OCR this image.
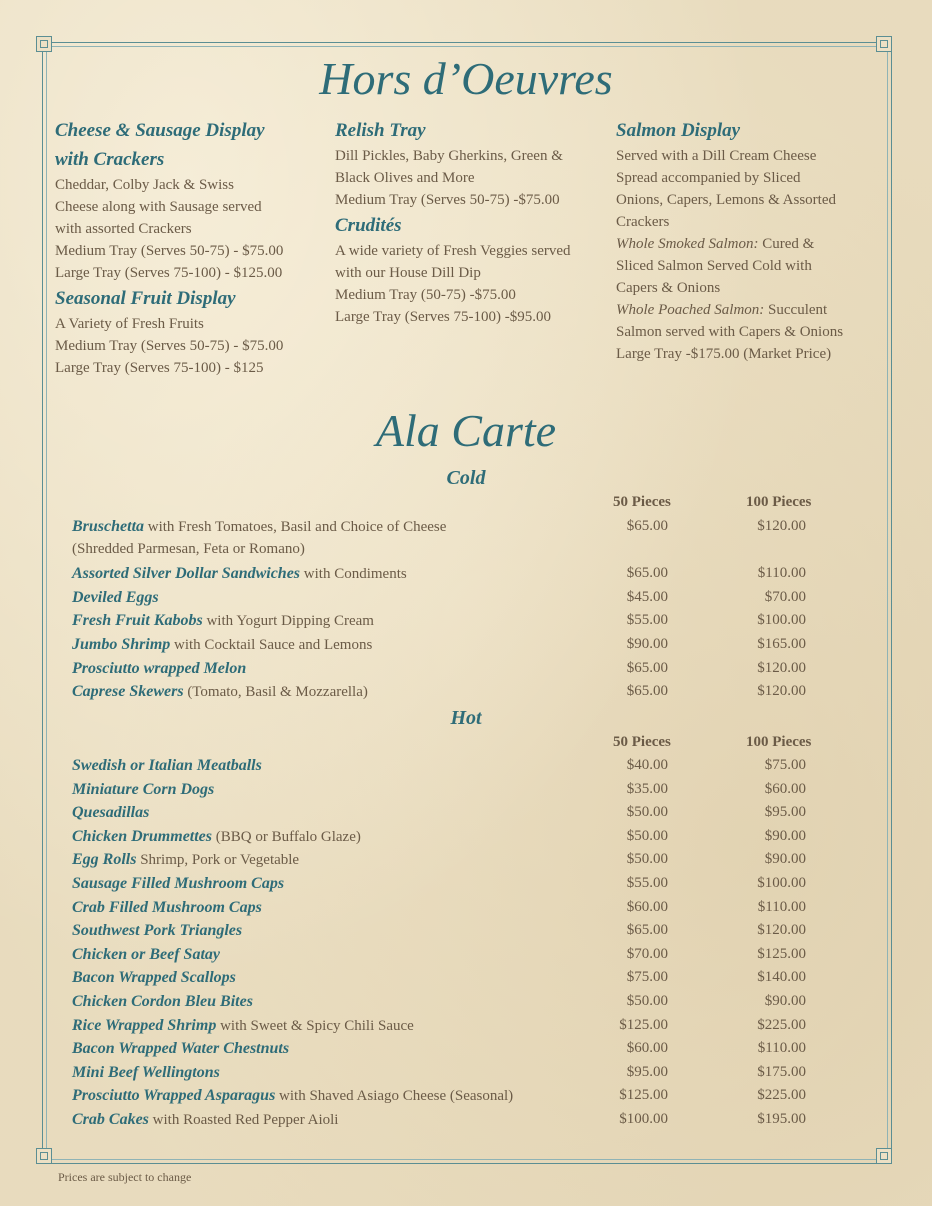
Hors d’Oeuvres
Cheese & Sausage Display
with Crackers
Cheddar, Colby Jack & Swiss
Cheese along with Sausage served
with assorted Crackers
Medium Tray (Serves 50-75) - $75.00
Large Tray (Serves 75-100) - $125.00
Seasonal Fruit Display
A Variety of Fresh Fruits
Medium Tray (Serves 50-75) - $75.00
Large Tray (Serves 75-100) - $125
Relish Tray
Dill Pickles, Baby Gherkins, Green &
Black Olives and More
Medium Tray (Serves 50-75) -$75.00
Crudités
A wide variety of Fresh Veggies served
with our House Dill Dip
Medium Tray (50-75) -$75.00
Large Tray (Serves 75-100) -$95.00
Salmon Display
Served with a Dill Cream Cheese
Spread accompanied by Sliced
Onions, Capers, Lemons & Assorted
Crackers
Whole Smoked Salmon: Cured &
Sliced Salmon Served Cold with
Capers & Onions
Whole Poached Salmon: Succulent
Salmon served with Capers & Onions
Large Tray -$175.00 (Market Price)
Ala Carte
Cold
50 Pieces	100 Pieces
Bruschetta with Fresh Tomatoes, Basil and Choice of Cheese
(Shredded Parmesan, Feta or Romano)
$65.00	$120.00
Assorted Silver Dollar Sandwiches with Condiments	$65.00	$110.00
Deviled Eggs	$45.00	$70.00
Fresh Fruit Kabobs with Yogurt Dipping Cream	$55.00	$100.00
Jumbo Shrimp with Cocktail Sauce and Lemons	$90.00	$165.00
Prosciutto wrapped Melon	$65.00	$120.00
Caprese Skewers (Tomato, Basil & Mozzarella)	$65.00	$120.00
Hot
50 Pieces	100 Pieces
Swedish or Italian Meatballs	$40.00	$75.00
Miniature Corn Dogs	$35.00	$60.00
Quesadillas	$50.00	$95.00
Chicken Drummettes (BBQ or Buffalo Glaze)	$50.00	$90.00
Egg Rolls Shrimp, Pork or Vegetable	$50.00	$90.00
Sausage Filled Mushroom Caps	$55.00	$100.00
Crab Filled Mushroom Caps	$60.00	$110.00
Southwest Pork Triangles	$65.00	$120.00
Chicken or Beef Satay	$70.00	$125.00
Bacon Wrapped Scallops	$75.00	$140.00
Chicken Cordon Bleu Bites	$50.00	$90.00
Rice Wrapped Shrimp with Sweet & Spicy Chili Sauce	$125.00	$225.00
Bacon Wrapped Water Chestnuts	$60.00	$110.00
Mini Beef Wellingtons	$95.00	$175.00
Prosciutto Wrapped Asparagus with Shaved Asiago Cheese (Seasonal)	$125.00	$225.00
Crab Cakes with Roasted Red Pepper Aioli	$100.00	$195.00
Prices are subject to change
